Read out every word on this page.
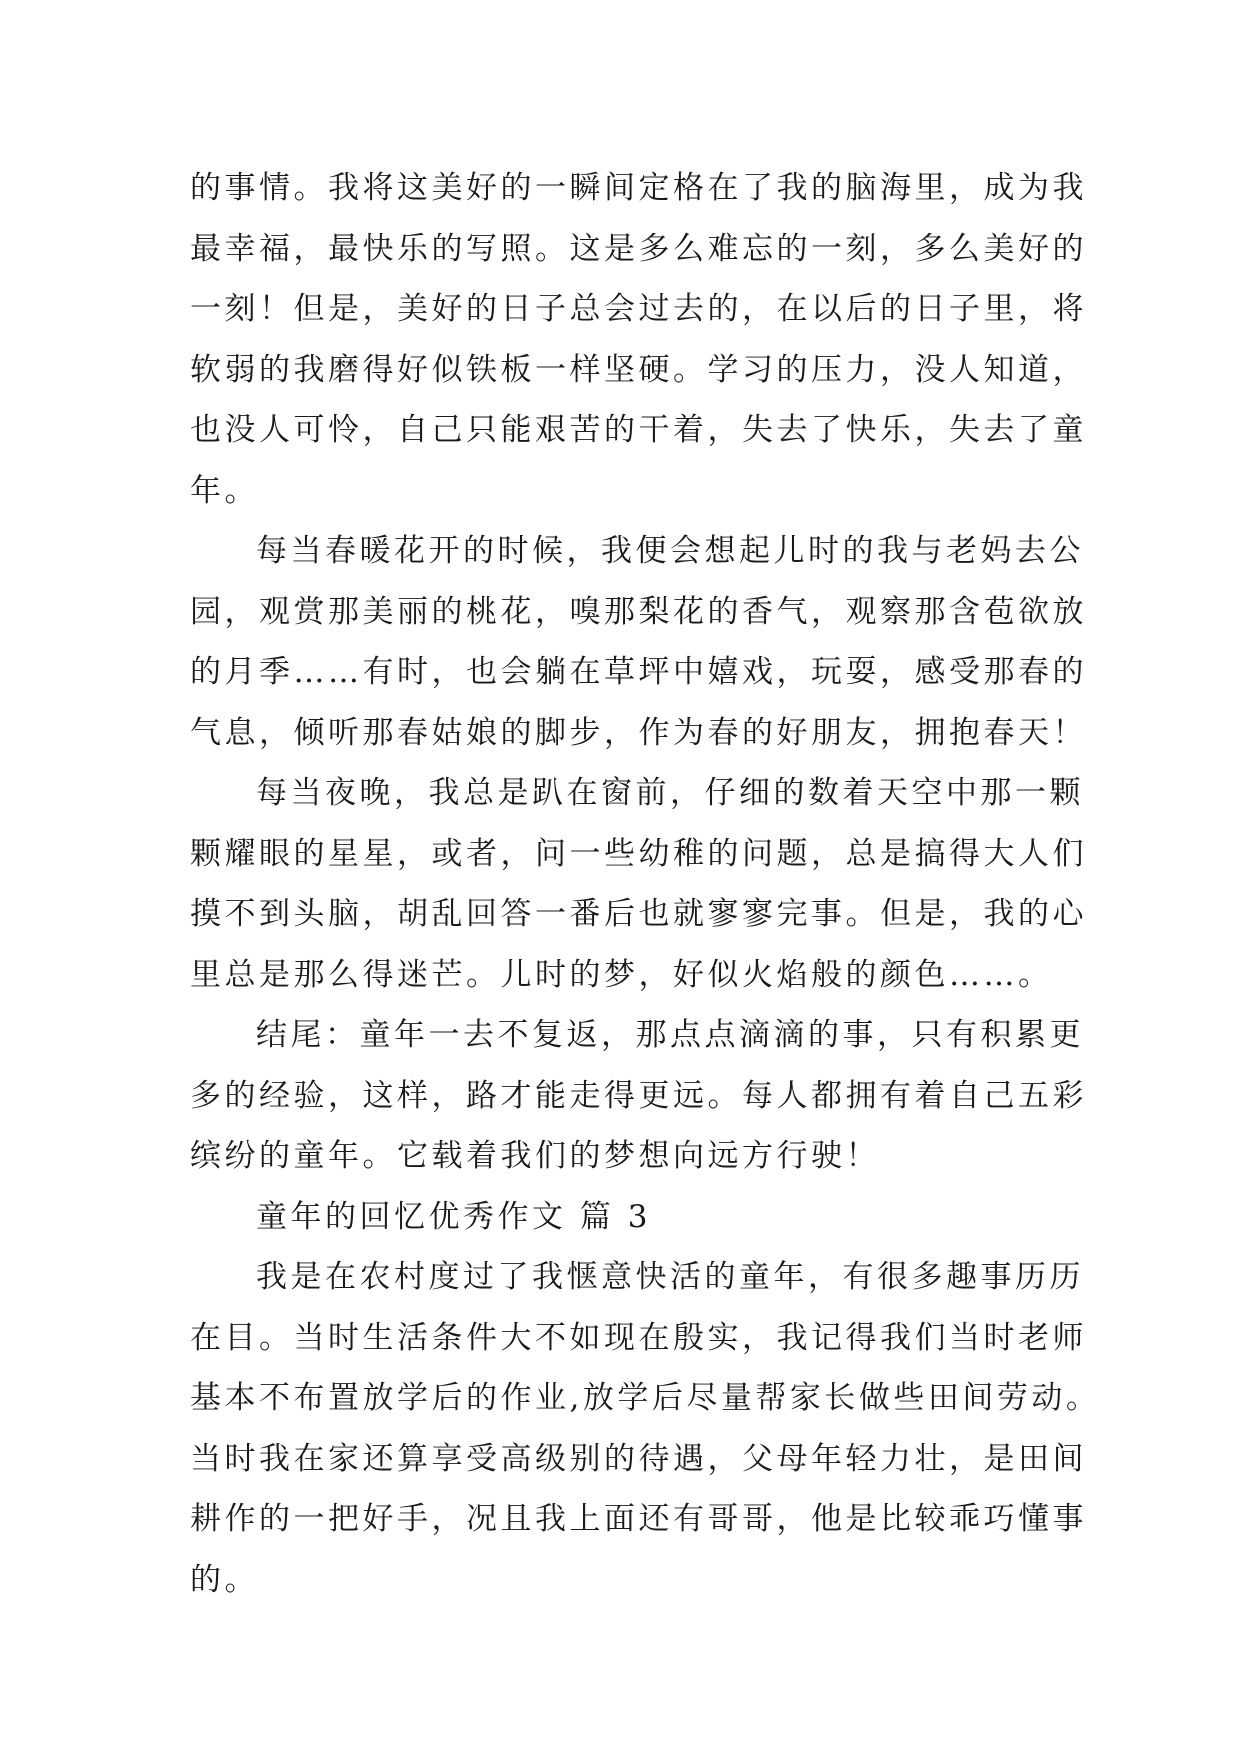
的事情。我将这美好的一瞬间定格在了我的脑海里，成为我
最幸福，最快乐的写照。这是多么难忘的一刻，多么美好的
一刻！但是，美好的日子总会过去的，在以后的日子里，将
软弱的我磨得好似铁板一样坚硬。学习的压力，没人知道，
也没人可怜，自己只能艰苦的干着，失去了快乐，失去了童
年。

每当春暖花开的时候，我便会想起儿时的我与老妈去公
园，观赏那美丽的桃花，嗅那梨花的香气，观察那含苞欲放
的月季……有时，也会躺在草坪中嬉戏，玩耍，感受那春的
气息，倾听那春姑娘的脚步，作为春的好朋友，拥抱春天！

每当夜晚，我总是趴在窗前，仔细的数着天空中那一颗
颗耀眼的星星，或者，问一些幼稚的问题，总是搞得大人们
摸不到头脑，胡乱回答一番后也就寥寥完事。但是，我的心
里总是那么得迷芒。儿时的梦，好似火焰般的颜色……。

结尾：童年一去不复返，那点点滴滴的事，只有积累更
多的经验，这样，路才能走得更远。每人都拥有着自己五彩
缤纷的童年。它载着我们的梦想向远方行驶！

童年的回忆优秀作文 篇 3

我是在农村度过了我惬意快活的童年，有很多趣事历历
在目。当时生活条件大不如现在殷实，我记得我们当时老师
基本不布置放学后的作业,放学后尽量帮家长做些田间劳动。
当时我在家还算享受高级别的待遇，父母年轻力壮，是田间
耕作的一把好手，况且我上面还有哥哥，他是比较乖巧懂事
的。
